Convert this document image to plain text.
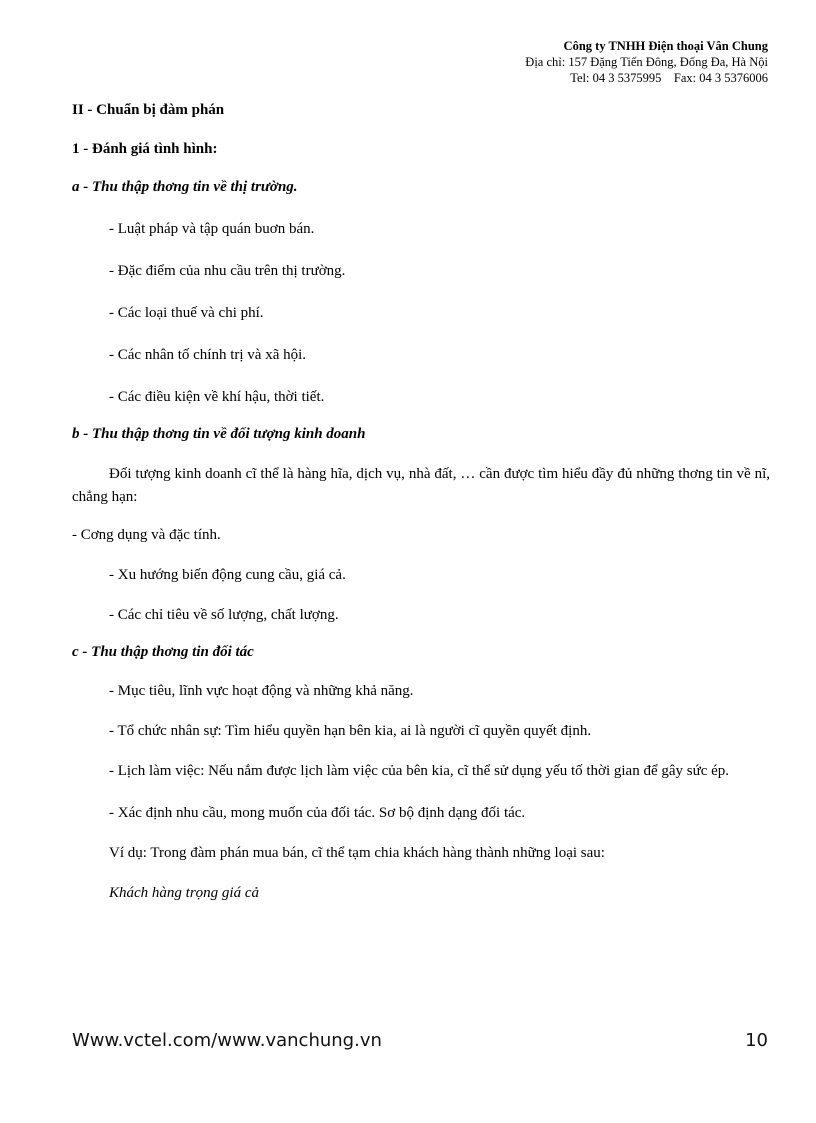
Công ty TNHH Điện thoại Vân Chung
Địa chỉ: 157 Đặng Tiến Đông, Đống Đa, Hà Nội
Tel: 04 3 5375995 Fax: 04 3 5376006

II - Chuẩn bị đàm phán

1 - Đánh giá tình hình:

a - Thu thập thơng tin về thị trường.

- Luật pháp và tập quán buơn bán.

- Đặc điểm của nhu cầu trên thị trường.

- Các loại thuế và chi phí.

- Các nhân tố chính trị và xã hội.

- Các điều kiện về khí hậu, thời tiết.

b - Thu thập thơng tin về đối tượng kinh doanh

Đối tượng kinh doanh cĩ thể là hàng hĩa, dịch vụ, nhà đất, … cần được tìm hiểu đầy đủ những thơng tin về nĩ, chẳng hạn:

- Cơng dụng và đặc tính.

- Xu hướng biến động cung cầu, giá cả.

- Các chỉ tiêu về số lượng, chất lượng.

c - Thu thập thơng tin đối tác

- Mục tiêu, lĩnh vực hoạt động và những khả năng.

- Tổ chức nhân sự: Tìm hiểu quyền hạn bên kia, ai là người cĩ quyền quyết định.

- Lịch làm việc: Nếu nắm được lịch làm việc của bên kia, cĩ thể sử dụng yếu tố thời gian để gây sức ép.

- Xác định nhu cầu, mong muốn của đối tác. Sơ bộ định dạng đối tác.

Ví dụ: Trong đàm phán mua bán, cĩ thể tạm chia khách hàng thành những loại sau:

Khách hàng trọng giá cả

Www.vctel.com/www.vanchung.vn	10
